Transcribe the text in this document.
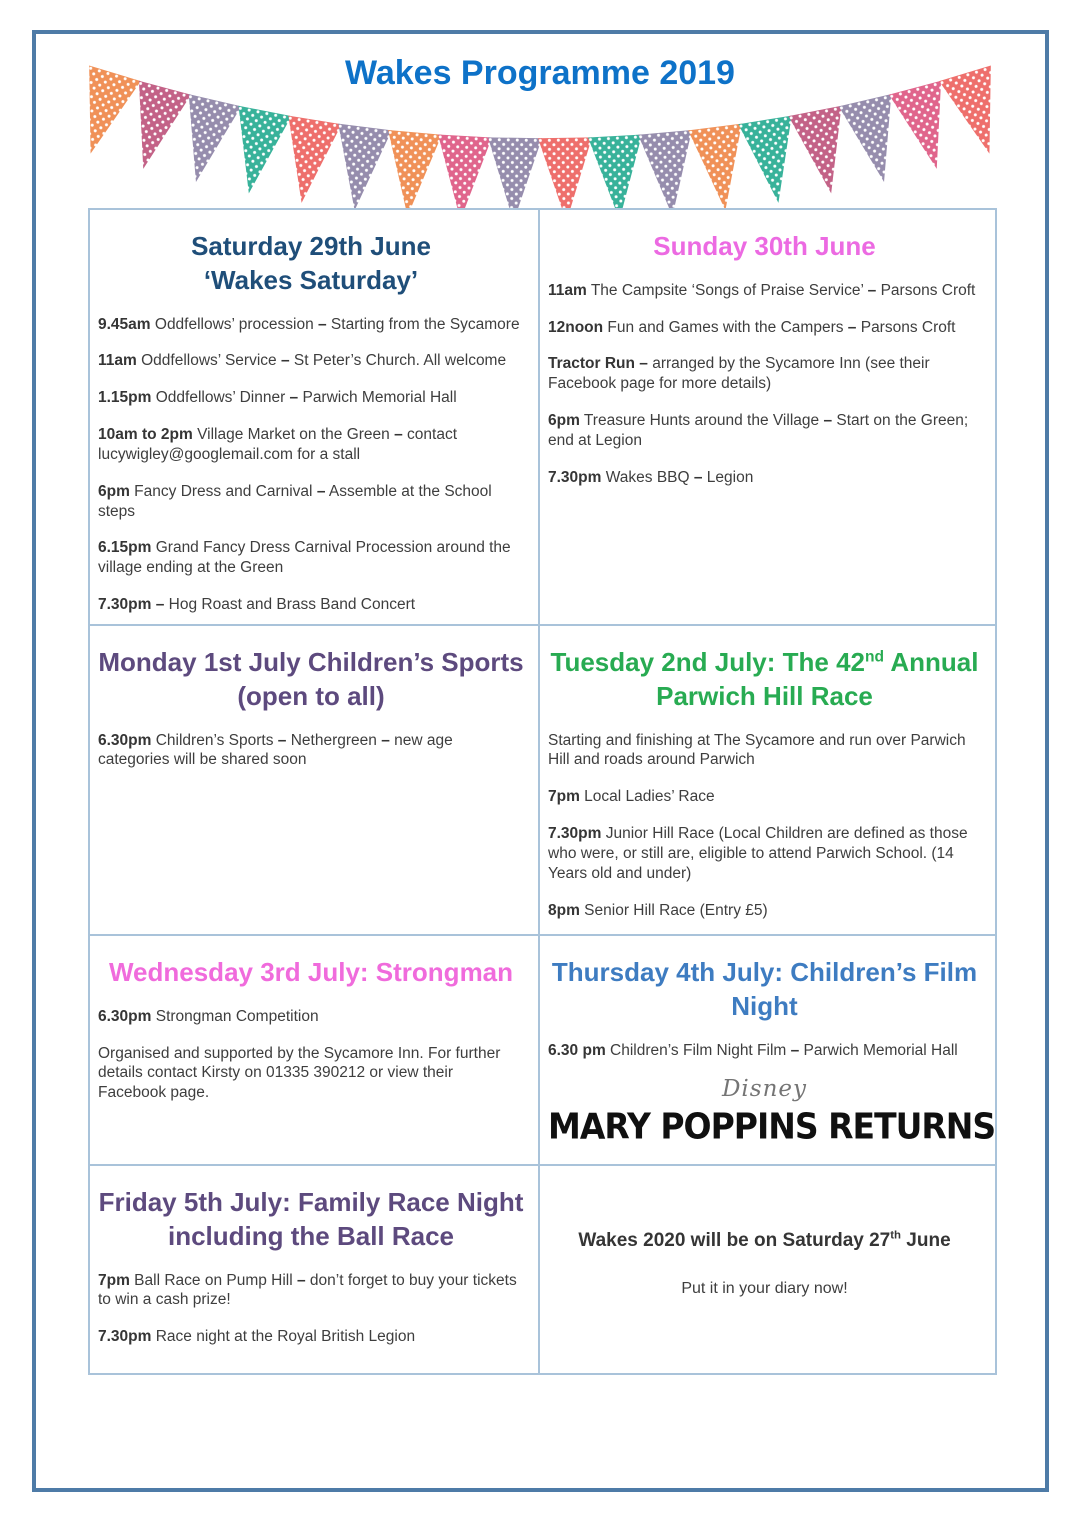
Wakes Programme 2019
Saturday 29th June
‘Wakes Saturday’

9.45am Oddfellows’ procession – Starting from the Sycamore

11am Oddfellows’ Service – St Peter’s Church. All welcome

1.15pm Oddfellows’ Dinner – Parwich Memorial Hall

10am to 2pm Village Market on the Green – contact lucywigley@googlemail.com for a stall

6pm Fancy Dress and Carnival – Assemble at the School steps

6.15pm Grand Fancy Dress Carnival Procession around the village ending at the Green

7.30pm – Hog Roast and Brass Band Concert

Sunday 30th June

11am The Campsite ‘Songs of Praise Service’ – Parsons Croft

12noon Fun and Games with the Campers – Parsons Croft

Tractor Run – arranged by the Sycamore Inn (see their Facebook page for more details)

6pm Treasure Hunts around the Village – Start on the Green; end at Legion

7.30pm Wakes BBQ – Legion

Monday 1st July Children’s Sports
(open to all)

6.30pm Children’s Sports – Nethergreen – new age categories will be shared soon

Tuesday 2nd July: The 42nd Annual
Parwich Hill Race

Starting and finishing at The Sycamore and run over Parwich Hill and roads around Parwich

7pm Local Ladies’ Race

7.30pm Junior Hill Race (Local Children are defined as those who were, or still are, eligible to attend Parwich School. (14 Years old and under)

8pm Senior Hill Race (Entry £5)

Wednesday 3rd July: Strongman

6.30pm Strongman Competition

Organised and supported by the Sycamore Inn. For further details contact Kirsty on 01335 390212 or view their Facebook page.

Thursday 4th July: Children’s Film
Night

6.30 pm Children’s Film Night Film – Parwich Memorial Hall

Disney
MARY POPPINS RETURNS
Friday 5th July: Family Race Night
including the Ball Race

7pm Ball Race on Pump Hill – don’t forget to buy your tickets to win a cash prize!

7.30pm Race night at the Royal British Legion

Wakes 2020 will be on Saturday 27th June

Put it in your diary now!
